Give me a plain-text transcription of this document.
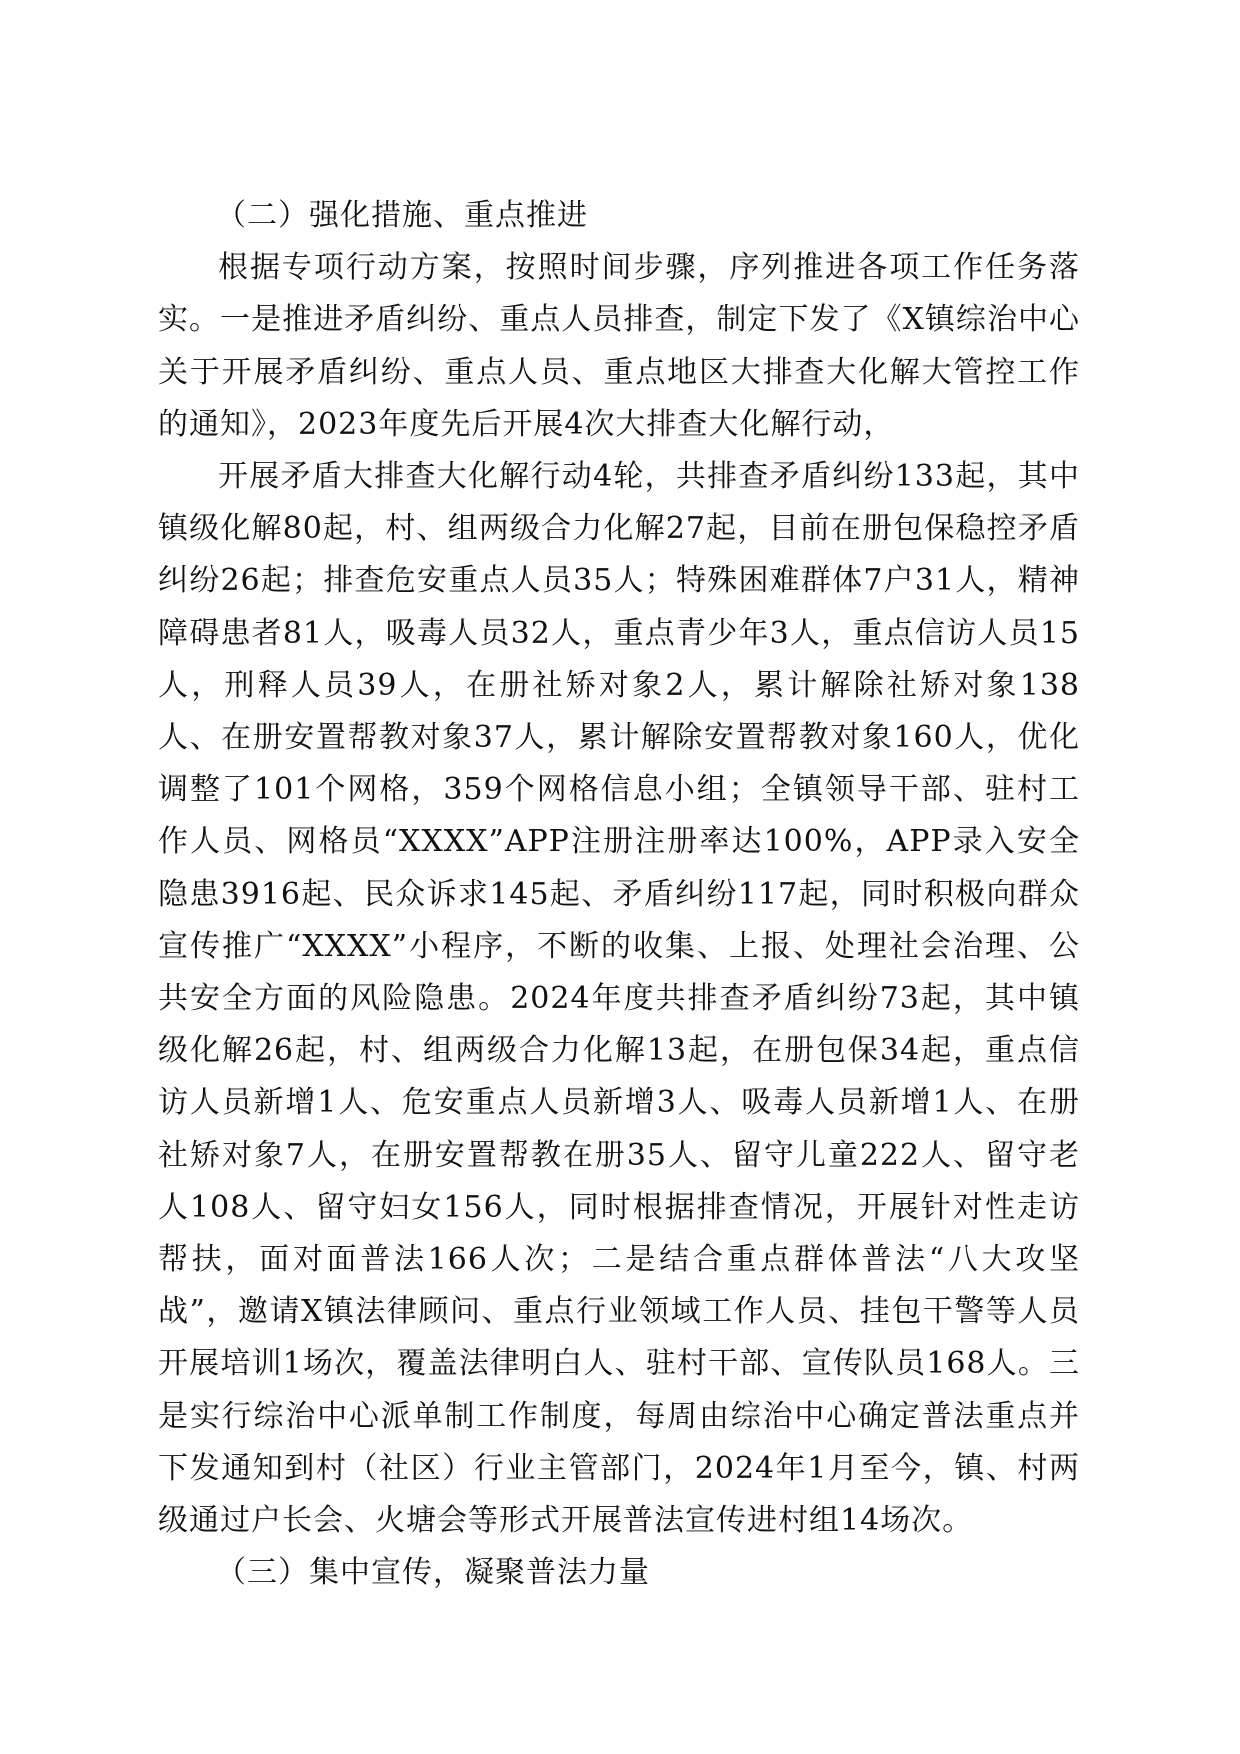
（二）强化措施、重点推进

根据专项行动方案，按照时间步骤，序列推进各项工作任务落实。一是推进矛盾纠纷、重点人员排查，制定下发了《X镇综治中心关于开展矛盾纠纷、重点人员、重点地区大排查大化解大管控工作的通知》，2023年度先后开展4次大排查大化解行动，

开展矛盾大排查大化解行动4轮，共排查矛盾纠纷133起，其中镇级化解80起，村、组两级合力化解27起，目前在册包保稳控矛盾纠纷26起；排查危安重点人员35人；特殊困难群体7户31人，精神障碍患者81人，吸毒人员32人，重点青少年3人，重点信访人员15人，刑释人员39人，在册社矫对象2人，累计解除社矫对象138人、在册安置帮教对象37人，累计解除安置帮教对象160人，优化调整了101个网格，359个网格信息小组；全镇领导干部、驻村工作人员、网格员“XXXX”APP注册注册率达100%，APP录入安全隐患3916起、民众诉求145起、矛盾纠纷117起，同时积极向群众宣传推广“XXXX”小程序，不断的收集、上报、处理社会治理、公共安全方面的风险隐患。2024年度共排查矛盾纠纷73起，其中镇级化解26起，村、组两级合力化解13起，在册包保34起，重点信访人员新增1人、危安重点人员新增3人、吸毒人员新增1人、在册社矫对象7人，在册安置帮教在册35人、留守儿童222人、留守老人108人、留守妇女156人，同时根据排查情况，开展针对性走访帮扶，面对面普法166人次；二是结合重点群体普法“八大攻坚战”，邀请X镇法律顾问、重点行业领域工作人员、挂包干警等人员开展培训1场次，覆盖法律明白人、驻村干部、宣传队员168人。三是实行综治中心派单制工作制度，每周由综治中心确定普法重点并下发通知到村（社区）行业主管部门，2024年1月至今，镇、村两级通过户长会、火塘会等形式开展普法宣传进村组14场次。

（三）集中宣传，凝聚普法力量
